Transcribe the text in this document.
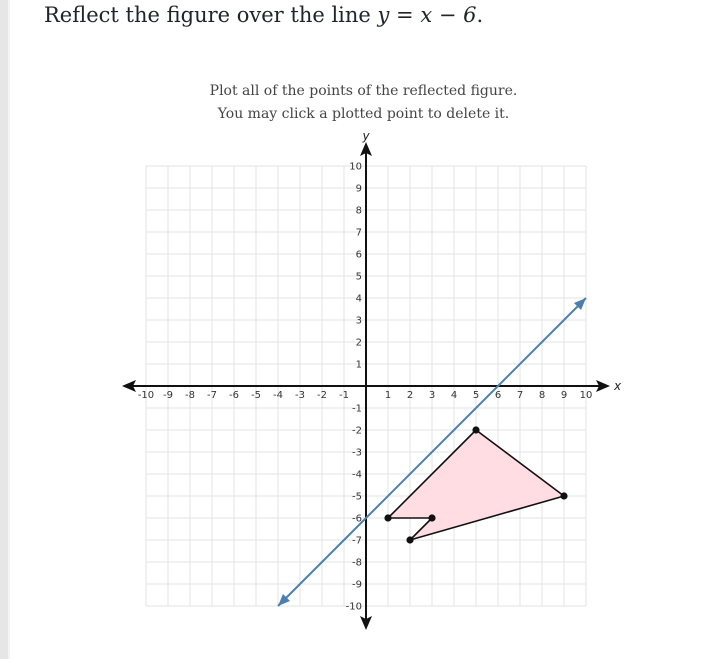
Reflect the figure over the line y = x − 6.
Plot all of the points of the reflected figure.
You may click a plotted point to delete it.
x
y
-10 -9 -8 -7 -6 -5 -4 -3 -2 -1	1 2 3 4 5 6 7 8 9 10
10
9
8
7
6
5
4
3
2
1
-1
-2
-3
-4
-5
-6
-7
-8
-9
-10
